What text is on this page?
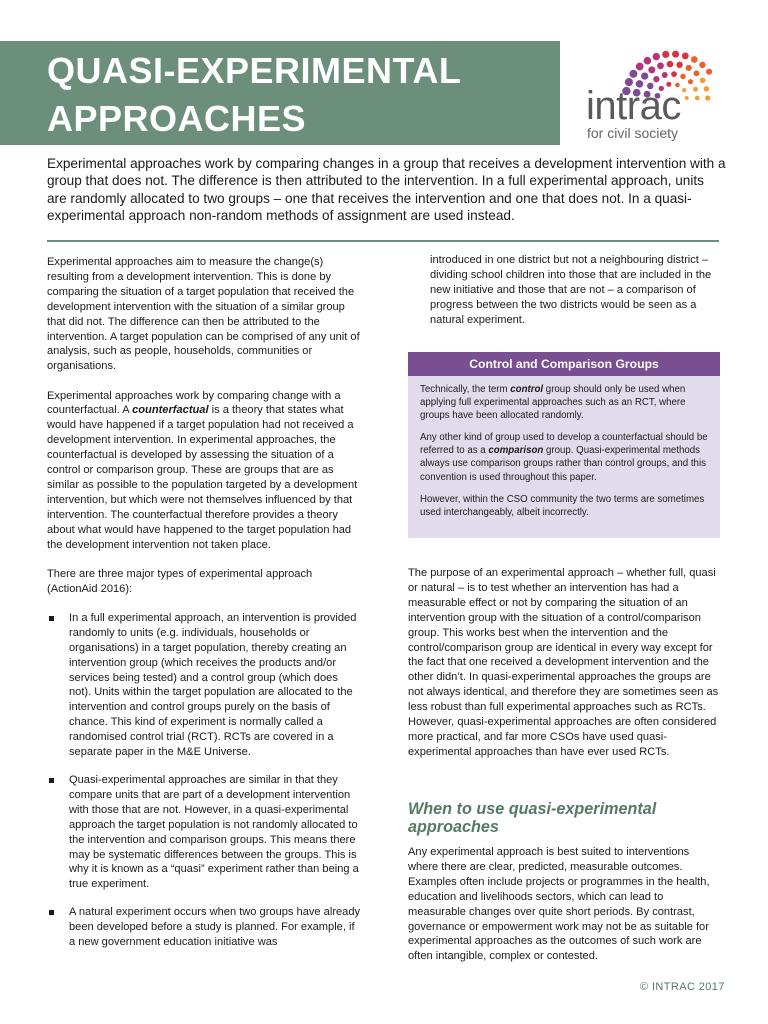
QUASI-EXPERIMENTAL
APPROACHES	intrac
for civil society
Experimental approaches work by comparing changes in a group that receives a development intervention with a group that does not. The difference is then attributed to the intervention. In a full experimental approach, units are randomly allocated to two groups – one that receives the intervention and one that does not. In a quasi-experimental approach non-random methods of assignment are used instead.

Experimental approaches aim to measure the change(s) resulting from a development intervention. This is done by comparing the situation of a target population that received the development intervention with the situation of a similar group that did not. The difference can then be attributed to the intervention. A target population can be comprised of any unit of analysis, such as people, households, communities or organisations.

Experimental approaches work by comparing change with a counterfactual. A counterfactual is a theory that states what would have happened if a target population had not received a development intervention. In experimental approaches, the counterfactual is developed by assessing the situation of a control or comparison group. These are groups that are as similar as possible to the population targeted by a development intervention, but which were not themselves influenced by that intervention. The counterfactual therefore provides a theory about what would have happened to the target population had the development intervention not taken place.

There are three major types of experimental approach (ActionAid 2016):

In a full experimental approach, an intervention is provided randomly to units (e.g. individuals, households or organisations) in a target population, thereby creating an intervention group (which receives the products and/or services being tested) and a control group (which does not). Units within the target population are allocated to the intervention and control groups purely on the basis of chance. This kind of experiment is normally called a randomised control trial (RCT). RCTs are covered in a separate paper in the M&E Universe.
Quasi-experimental approaches are similar in that they compare units that are part of a development intervention with those that are not. However, in a quasi-experimental approach the target population is not randomly allocated to the intervention and comparison groups. This means there may be systematic differences between the groups. This is why it is known as a “quasi” experiment rather than being a true experiment.
A natural experiment occurs when two groups have already been developed before a study is planned. For example, if a new government education initiative was
introduced in one district but not a neighbouring district – dividing school children into those that are included in the new initiative and those that are not – a comparison of progress between the two districts would be seen as a natural experiment.
Control and Comparison Groups

Technically, the term control group should only be used when applying full experimental approaches such as an RCT, where groups have been allocated randomly.

Any other kind of group used to develop a counterfactual should be referred to as a comparison group. Quasi-experimental methods always use comparison groups rather than control groups, and this convention is used throughout this paper.

However, within the CSO community the two terms are sometimes used interchangeably, albeit incorrectly.

The purpose of an experimental approach – whether full, quasi or natural – is to test whether an intervention has had a measurable effect or not by comparing the situation of an intervention group with the situation of a control/comparison group. This works best when the intervention and the control/comparison group are identical in every way except for the fact that one received a development intervention and the other didn’t. In quasi-experimental approaches the groups are not always identical, and therefore they are sometimes seen as less robust than full experimental approaches such as RCTs. However, quasi-experimental approaches are often considered more practical, and far more CSOs have used quasi-experimental approaches than have ever used RCTs.
When to use quasi-experimental approaches
Any experimental approach is best suited to interventions where there are clear, predicted, measurable outcomes. Examples often include projects or programmes in the health, education and livelihoods sectors, which can lead to measurable changes over quite short periods. By contrast, governance or empowerment work may not be as suitable for experimental approaches as the outcomes of such work are often intangible, complex or contested.
© INTRAC 2017
